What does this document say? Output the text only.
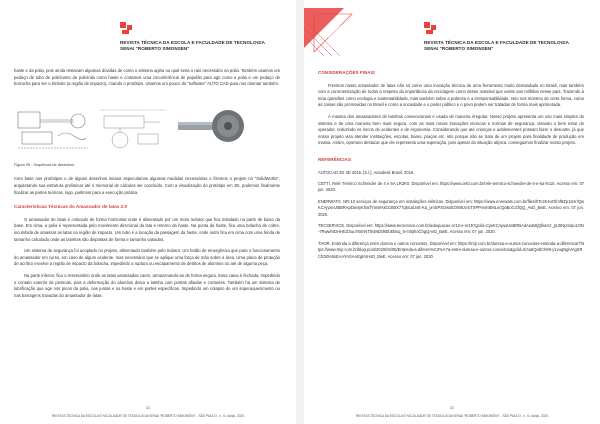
REVISTA TÉCNICA DA ESCOLA E FACULDADE DE TECNOLOGIA
SENAI "ROBERTO SIMONSEN"

haste e da polia, pois ainda restavam algumas dúvidas de como o sistema agiria ou qual seria o raio necessário na polia. Também usamos um pedaço de tubo de policloreto de polivinila como haste e cortamos uma circunferência de papelão para agir como a polia e um pedaço de borracha para ser o êmbolo (a região de impacto), criando o protótipo. Usamos um pouco do "software" AUTO CAD para nos orientar também.

Figura 05 - Sequência de desenhos.

Com base nos protótipos e de alguns desenhos iniciais especulamos algumas medidas necessárias e fizemos o projeto no "SolidWorks", arquitetando sua estrutura preliminar até o memorial de cálculos ser concluído. Com a visualização do protótipo em 3D, podemos finalmente finalizar as partes teóricas, logo, partimos para a execução prática.

Características Técnicas do Amassador de latas 2.0

O amassador de latas é colocado de forma horizontal onde é alimentado por um moto redutor que fica instalado na parte de baixo da base. Em cima, a polia é representada pelo movimento direcional da lata e retorno da haste. Na ponta da haste, fica uma bolacha de cobre, incumbida de amassar as latas na região de impacto. Um tubo é a locação da passagem da haste, onde outro fica em cima com uma fenda de tamanho calculado onde as latinhas são dispostas de forma e tamanho variados.

Um sistema de segurança foi acoplado no projeto, alimentado também pelo redutor. Um botão de emergência que para o funcionamento do amassador em curso, em caso de algum acidente, mas necessário que se aplique uma força de mão sobre a área. Uma placa de proteção de acrílico envolve a região de impacto da bolacha, impedindo a ruptura ou escapamento de detritos de alumínio ou até de alguma peça.

Na parte inferior, fica o reservatório onde as latas amassadas caem, armazenando-as de forma segura. Essa caixa é fechada, impedindo o contato exterior de pessoas, pois a deformação do alumínio deixa a latinha com pontas afiadas e cortantes. Também há um sistema de lubrificação que age nos pinos da polia, nas juntas e na haste e em partes específicas. Impedindo um colapso de um superaquecimento ou nas barragens travadas do amassador de latas.

31
REVISTA TÉCNICA DA ESCOLA E FACULDADE DE TECNOLOGIA SENAI "ROBERTO SIMONSEN" - SÃO PAULO - n. 5, out/jul. 2020
REVISTA TÉCNICA DA ESCOLA E FACULDADE DE TECNOLOGIA
SENAI "ROBERTO SIMONSEN"
CONSIDERAÇÕES FINAIS

Fizemos nosso amassador de latas não só como uma inovação técnica de uma ferramenta muito demandada no Brasil, mas também com a conscientização de todos a respeito da importância da reciclagem como desse material que existe aos milhões nesse país. Trazendo à tona questões como ecologia e sustentabilidade, mas também sobre a pobreza e a irresponsabilidade. Isso nos mostrou de certa forma, como as coisas são promovidas no Brasil e como a sociedade e o poder público e o povo podem ser tratadas de forma mais aprimorada.

A maioria dos amassadores de latinhas convencionais é usada de maneira irregular. Nosso projeto apresenta um uso mais simples do sistema e de uma maneira bem mais segura, com as mais novas inovações técnicas e normas de segurança, visando o bem estar do operador, reduzindo os riscos de acidentes e de ergonomia. Considerando que até crianças e adolescentes possam fazer o descarte, já que nosso projeto visa atender instituições, escolas, bares, praças etc. isto porque não se trata de um projeto para finalidade de produção em massa. Assim, oportuno destacar que ele representa uma superação, pois apesar da situação atípica, conseguimos finalizar nosso projeto.

REFERÊNCIAS

AUTOCAD 2D 3D 2016. [S.l.]: Autodesk Brasil, 2016.

CETTI. Relé Térmico Schneider de 4 e 6A LR2K0. Disponível em: https://www.cetti.com.br/rele-termico-schneider-de-4-e-6a-lrx10. Acesso em: 07 jun. 2020.

ENERWATS. NR-10 serviços de segurança em instalações elétricas. Disponível em: https://www.enerwats.com.br/files/hTc2K4oOfrnf9Zp1sHr/QwKCAjyxeUt5BRApDw4yKfrarfYmWAkO1IBtX77qNcaUvE-Ka_ymSPSOwsEOW6zeSTXPPvvmBMLncQaBoCGfQQ_AvD_BwE. Acesso em: 07 jun. 2020.

TECSERVICE. Disponível em: https://www.tecservice.com.br/adequacao-nr12-e-nr15?gclid=CjwKCAjwxUeBRBAdAeaWjQlkaHJ_pU5Npm/pu1ON-7RwwhrDHHEZSuuYBmNTtIi4ND0kEbEBsq_6-m0jIhoChgQAvD_BwE. Acesso em: 07 jun. 2020.

THOR. Entenda a diferença entre duresa e outros conceitos. Disponível em: https://tmjr.com.br/duresa-e-outros-conceitos-entenda-a-diferenca/?https://www.tmjr.com.br/blog-post/2020/04/05/Entenda-a-diferen%C3%A7a-entre-duresa-e-outros-conceitos&gclid=EAIaIQobChMI-y1vuqNgiVAgSRCh3I0A6sEAAYASAAEgKsHvD_BwE. Acesso em: 07 jun. 2020.

32
REVISTA TÉCNICA DA ESCOLA E FACULDADE DE TECNOLOGIA SENAI "ROBERTO SIMONSEN" - SÃO PAULO - n. 5, out/jul. 2020
